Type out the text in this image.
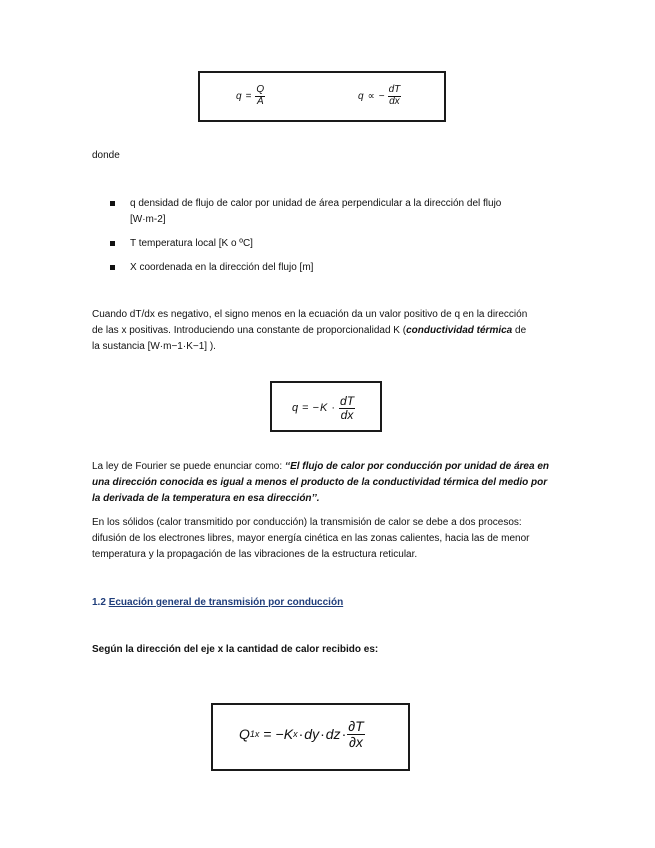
$q = \frac{Q}{A}$	q ∝ − $\frac{dT}{dx}$

donde

q densidad de flujo de calor por unidad de área perpendicular a la dirección del flujo
[W·m-2]
T temperatura local [K o ºC]
X coordenada en la dirección del flujo [m]

Cuando dT/dx es negativo, el signo menos en la ecuación da un valor positivo de q en la dirección

de las x positivas. Introduciendo una constante de proporcionalidad K (conductividad térmica de

la sustancia [W·m−1·K−1] ).

q = − $K \cdot \frac{dT}{dx}$

La ley de Fourier se puede enunciar como: ‘‘El flujo de calor por conducción por unidad de área en

una dirección conocida es igual a menos el producto de la conductividad térmica del medio por

la derivada de la temperatura en esa dirección’’.

En los sólidos (calor transmitido por conducción) la transmisión de calor se debe a dos procesos:

difusión de los electrones libres, mayor energía cinética en las zonas calientes, hacia las de menor

temperatura y la propagación de las vibraciones de la estructura reticular.

1.2 Ecuación general de transmisión por conducción

Según la dirección del eje x la cantidad de calor recibido es:

Q 1x = − K x · dy · dz · $\frac{\partial T}{\partial x}$
